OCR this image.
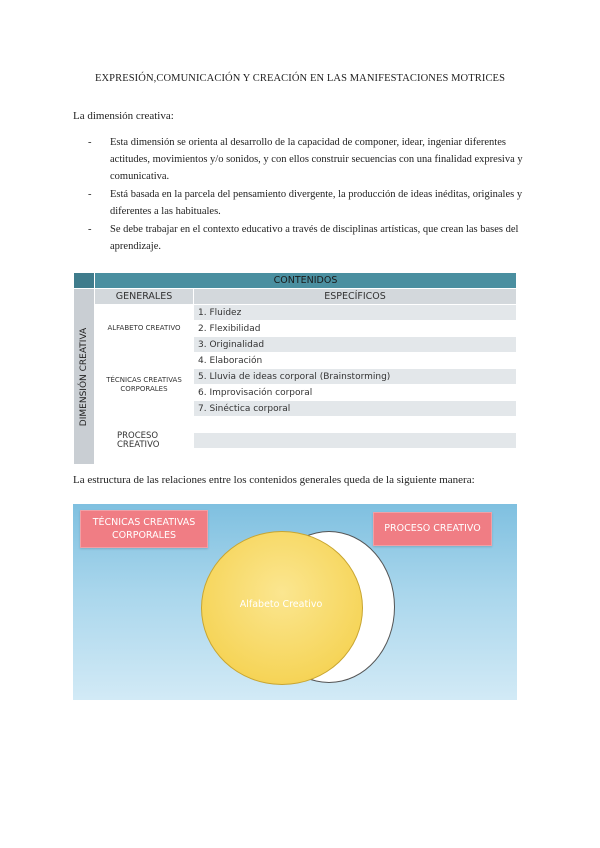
EXPRESIÓN,COMUNICACIÓN Y CREACIÓN EN LAS MANIFESTACIONES MOTRICES
La dimensión creativa:
- Esta dimensión se orienta al desarrollo de la capacidad de componer, idear, ingeniar diferentes actitudes, movimientos y/o sonidos, y con ellos construir secuencias con una finalidad expresiva y comunicativa.
- Está basada en la parcela del pensamiento divergente, la producción de ideas inéditas, originales y diferentes a las habituales.
- Se debe trabajar en el contexto educativo a través de disciplinas artísticas, que crean las bases del aprendizaje.
	CONTENIDOS	

DIMENSIÓN CREATIVA	GENERALES	ESPECÍFICOS
	ALFABETO CREATIVO	1. Fluidez
		2. Flexibilidad
		3. Originalidad
	TÉCNICAS CREATIVAS CORPORALES	4. Elaboración
		5. Lluvia de ideas corporal (Brainstorming)
		6. Improvisación corporal
		7. Sinéctica corporal
	PROCESO CREATIVO	

La estructura de las relaciones entre los contenidos generales queda de la siguiente manera:
TÉCNICAS CREATIVAS CORPORALES
PROCESO CREATIVO
Alfabeto Creativo
